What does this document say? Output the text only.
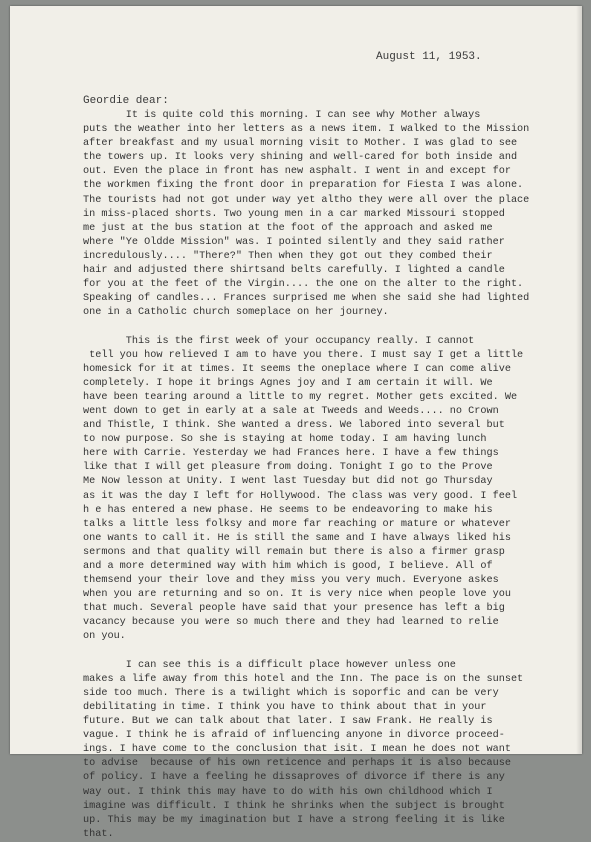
August 11, 1953.
Geordie dear:
It is quite cold this morning. I can see why Mother always
puts the weather into her letters as a news item. I walked to the Mission
after breakfast and my usual morning visit to Mother. I was glad to see
the towers up. It looks very shining and well-cared for both inside and
out. Even the place in front has new asphalt. I went in and except for
the workmen fixing the front door in preparation for Fiesta I was alone.
The tourists had not got under way yet altho they were all over the place
in miss-placed shorts. Two young men in a car marked Missouri stopped
me just at the bus station at the foot of the approach and asked me
where "Ye Oldde Mission" was. I pointed silently and they said rather
incredulously.... "There?" Then when they got out they combed their
hair and adjusted there shirtsand belts carefully. I lighted a candle
for you at the feet of the Virgin.... the one on the alter to the right.
Speaking of candles... Frances surprised me when she said she had lighted
one in a Catholic church someplace on her journey.
This is the first week of your occupancy really. I cannot
tell you how relieved I am to have you there. I must say I get a little
homesick for it at times. It seems the oneplace where I can come alive
completely. I hope it brings Agnes joy and I am certain it will. We
have been tearing around a little to my regret. Mother gets excited. We
went down to get in early at a sale at Tweeds and Weeds.... no Crown
and Thistle, I think. She wanted a dress. We labored into several but
to now purpose. So she is staying at home today. I am having lunch
here with Carrie. Yesterday we had Frances here. I have a few things
like that I will get pleasure from doing. Tonight I go to the Prove
Me Now lesson at Unity. I went last Tuesday but did not go Thursday
as it was the day I left for Hollywood. The class was very good. I feel
h e has entered a new phase. He seems to be endeavoring to make his
talks a little less folksy and more far reaching or mature or whatever
one wants to call it. He is still the same and I have always liked his
sermons and that quality will remain but there is also a firmer grasp
and a more determined way with him which is good, I believe. All of
themsend your their love and they miss you very much. Everyone askes
when you are returning and so on. It is very nice when people love you
that much. Several people have said that your presence has left a big
vacancy because you were so much there and they had learned to relie
on you.
I can see this is a difficult place however unless one
makes a life away from this hotel and the Inn. The pace is on the sunset
side too much. There is a twilight which is soporfic and can be very
debilitating in time. I think you have to think about that in your
future. But we can talk about that later. I saw Frank. He really is
vague. I think he is afraid of influencing anyone in divorce proceed-
ings. I have come to the conclusion that isit. I mean he does not want
to advise  because of his own reticence and perhaps it is also because
of policy. I have a feeling he dissaproves of divorce if there is any
way out. I think this may have to do with his own childhood which I
imagine was difficult. I think he shrinks when the subject is brought
up. This may be my imagination but I have a strong feeling it is like
that.
